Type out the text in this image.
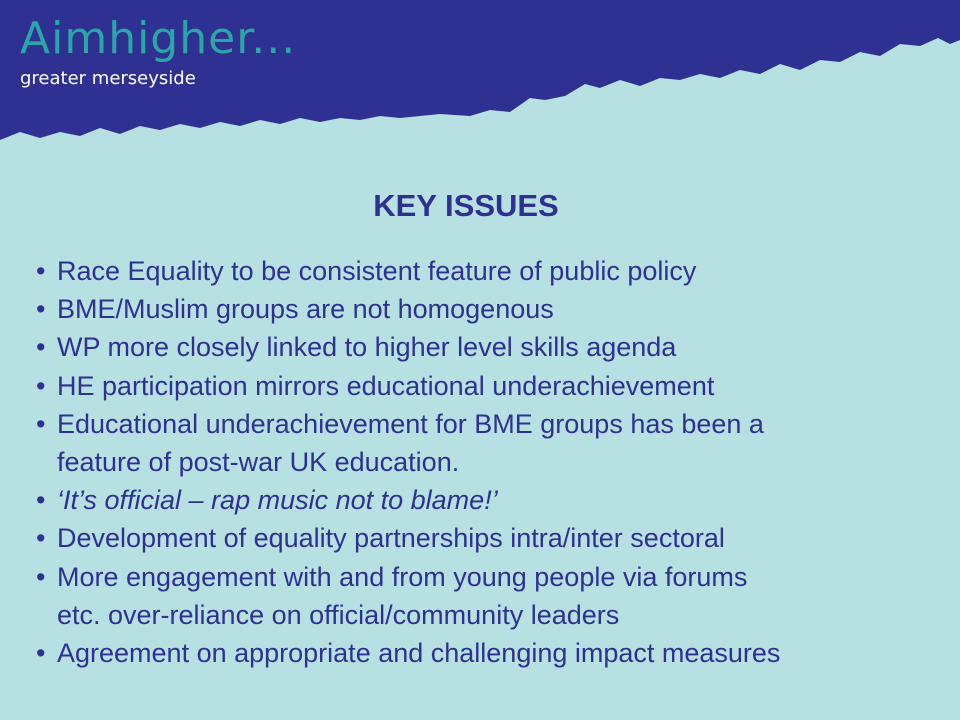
Aimhigher...
greater merseyside
KEY ISSUES
• Race Equality to be consistent feature of public policy
• BME/Muslim groups are not homogenous
• WP more closely linked to higher level skills agenda
• HE participation mirrors educational underachievement
• Educational underachievement for BME groups has been a
feature of post-war UK education.
• ‘It’s official – rap music not to blame!’
• Development of equality partnerships intra/inter sectoral
• More engagement with and from young people via forums
etc. over-reliance on official/community leaders
• Agreement on appropriate and challenging impact measures
